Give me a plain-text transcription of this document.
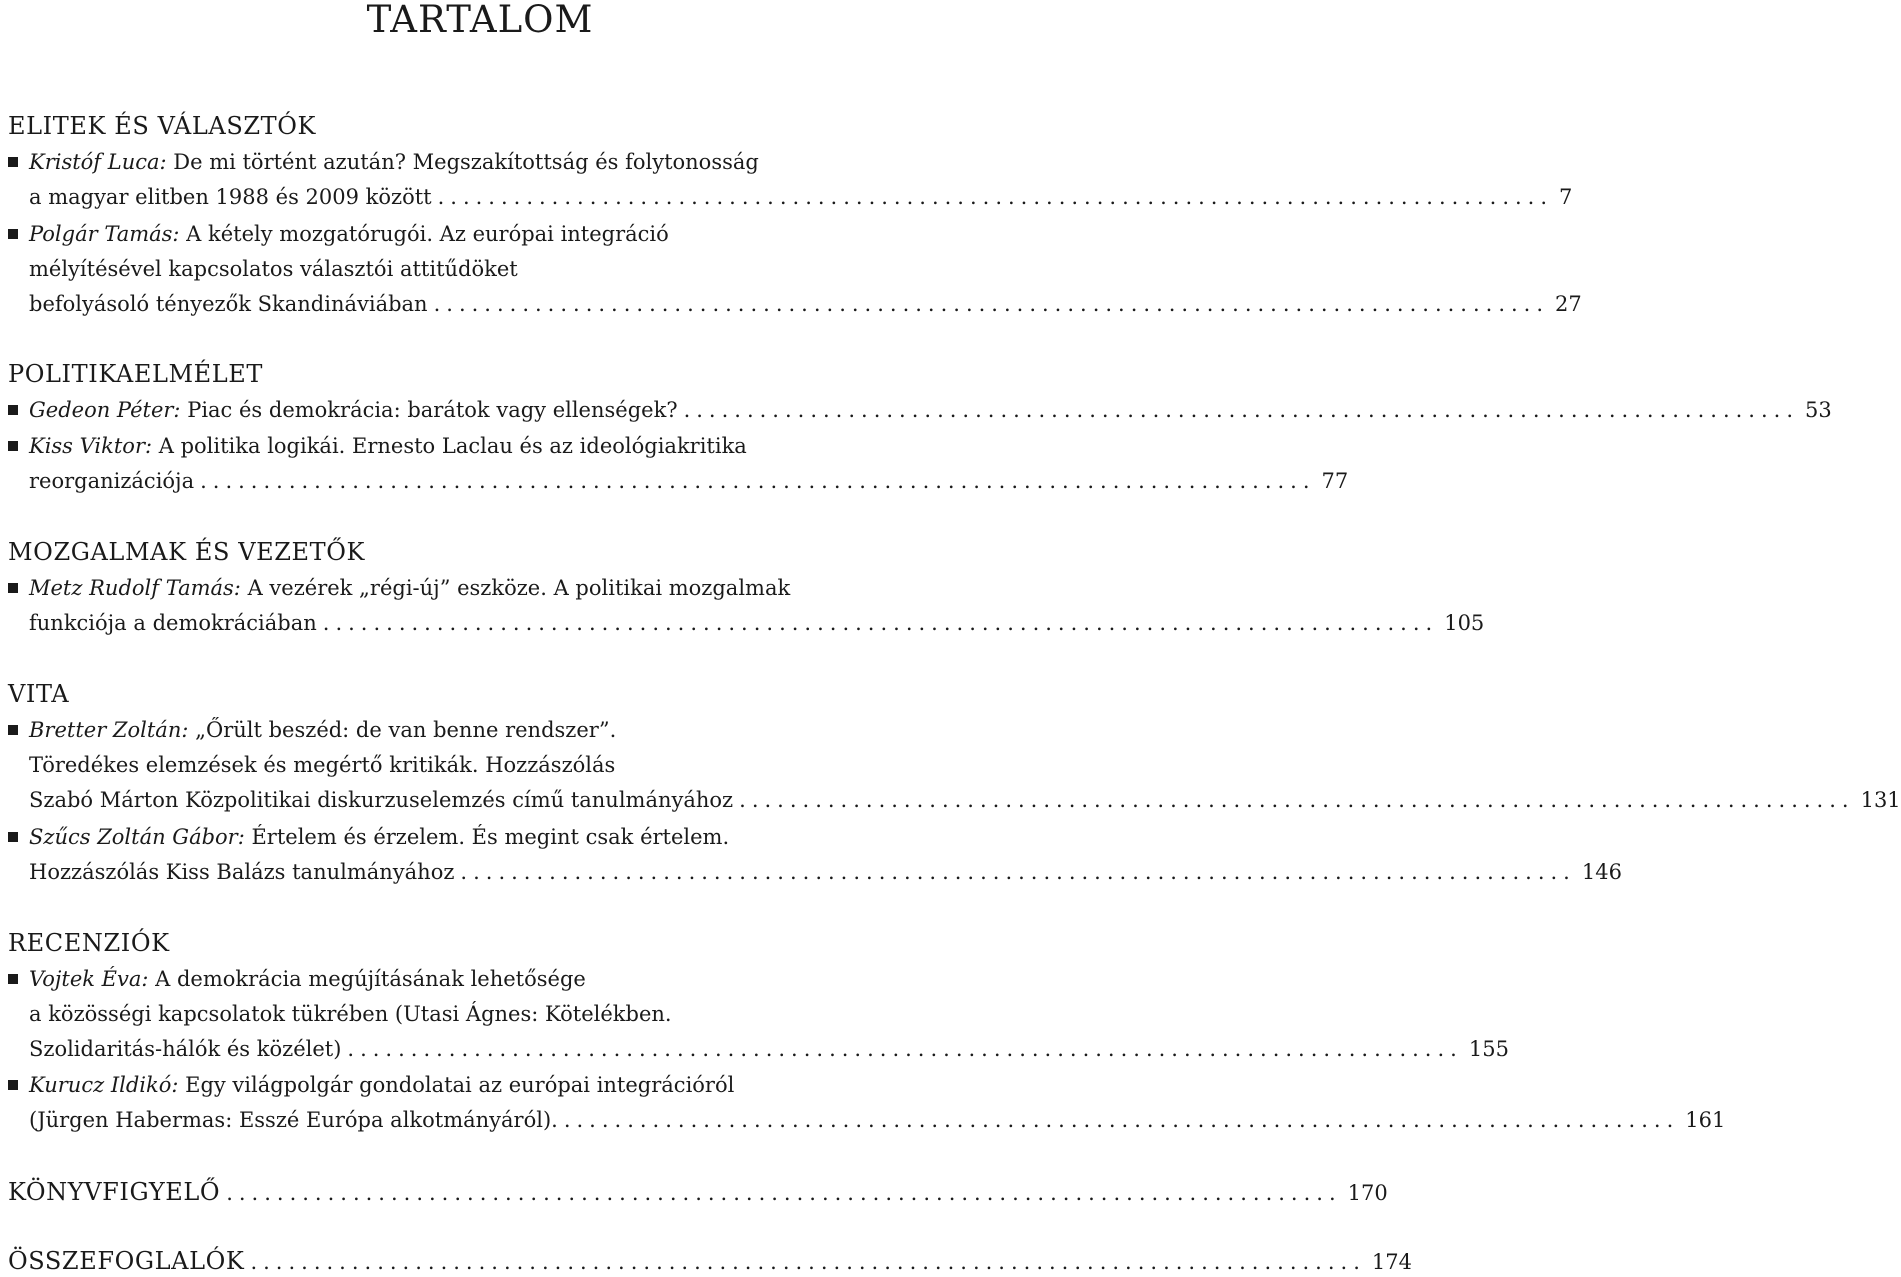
TARTALOM
ELITEK ÉS VÁLASZTÓK
Kristóf Luca: De mi történt azután? Megszakítottság és folytonosság
a magyar elitben 1988 és 2009 között ........................................................................................ 7
Polgár Tamás: A kétely mozgatórugói. Az európai integráció
mélyítésével kapcsolatos választói attitűdöket
befolyásoló tényezők Skandináviában ........................................................................................ 27
POLITIKAELMÉLET
Gedeon Péter: Piac és demokrácia: barátok vagy ellenségek? ........................................................................................ 53
Kiss Viktor: A politika logikái. Ernesto Laclau és az ideológiakritika
reorganizációja ........................................................................................ 77
MOZGALMAK ÉS VEZETŐK
Metz Rudolf Tamás: A vezérek „régi-új” eszköze. A politikai mozgalmak
funkciója a demokráciában ........................................................................................ 105
VITA
Bretter Zoltán: „Őrült beszéd: de van benne rendszer”.
Töredékes elemzések és megértő kritikák. Hozzászólás
Szabó Márton Közpolitikai diskurzuselemzés című tanulmányához ........................................................................................ 131
Szűcs Zoltán Gábor: Értelem és érzelem. És megint csak értelem.
Hozzászólás Kiss Balázs tanulmányához ........................................................................................ 146
RECENZIÓK
Vojtek Éva: A demokrácia megújításának lehetősége
a közösségi kapcsolatok tükrében (Utasi Ágnes: Kötelékben.
Szolidaritás-hálók és közélet) ........................................................................................ 155
Kurucz Ildikó: Egy világpolgár gondolatai az európai integrációról
(Jürgen Habermas: Esszé Európa alkotmányáról). ........................................................................................ 161
KÖNYVFIGYELŐ ........................................................................................ 170
ÖSSZEFOGLALÓK ........................................................................................ 174
